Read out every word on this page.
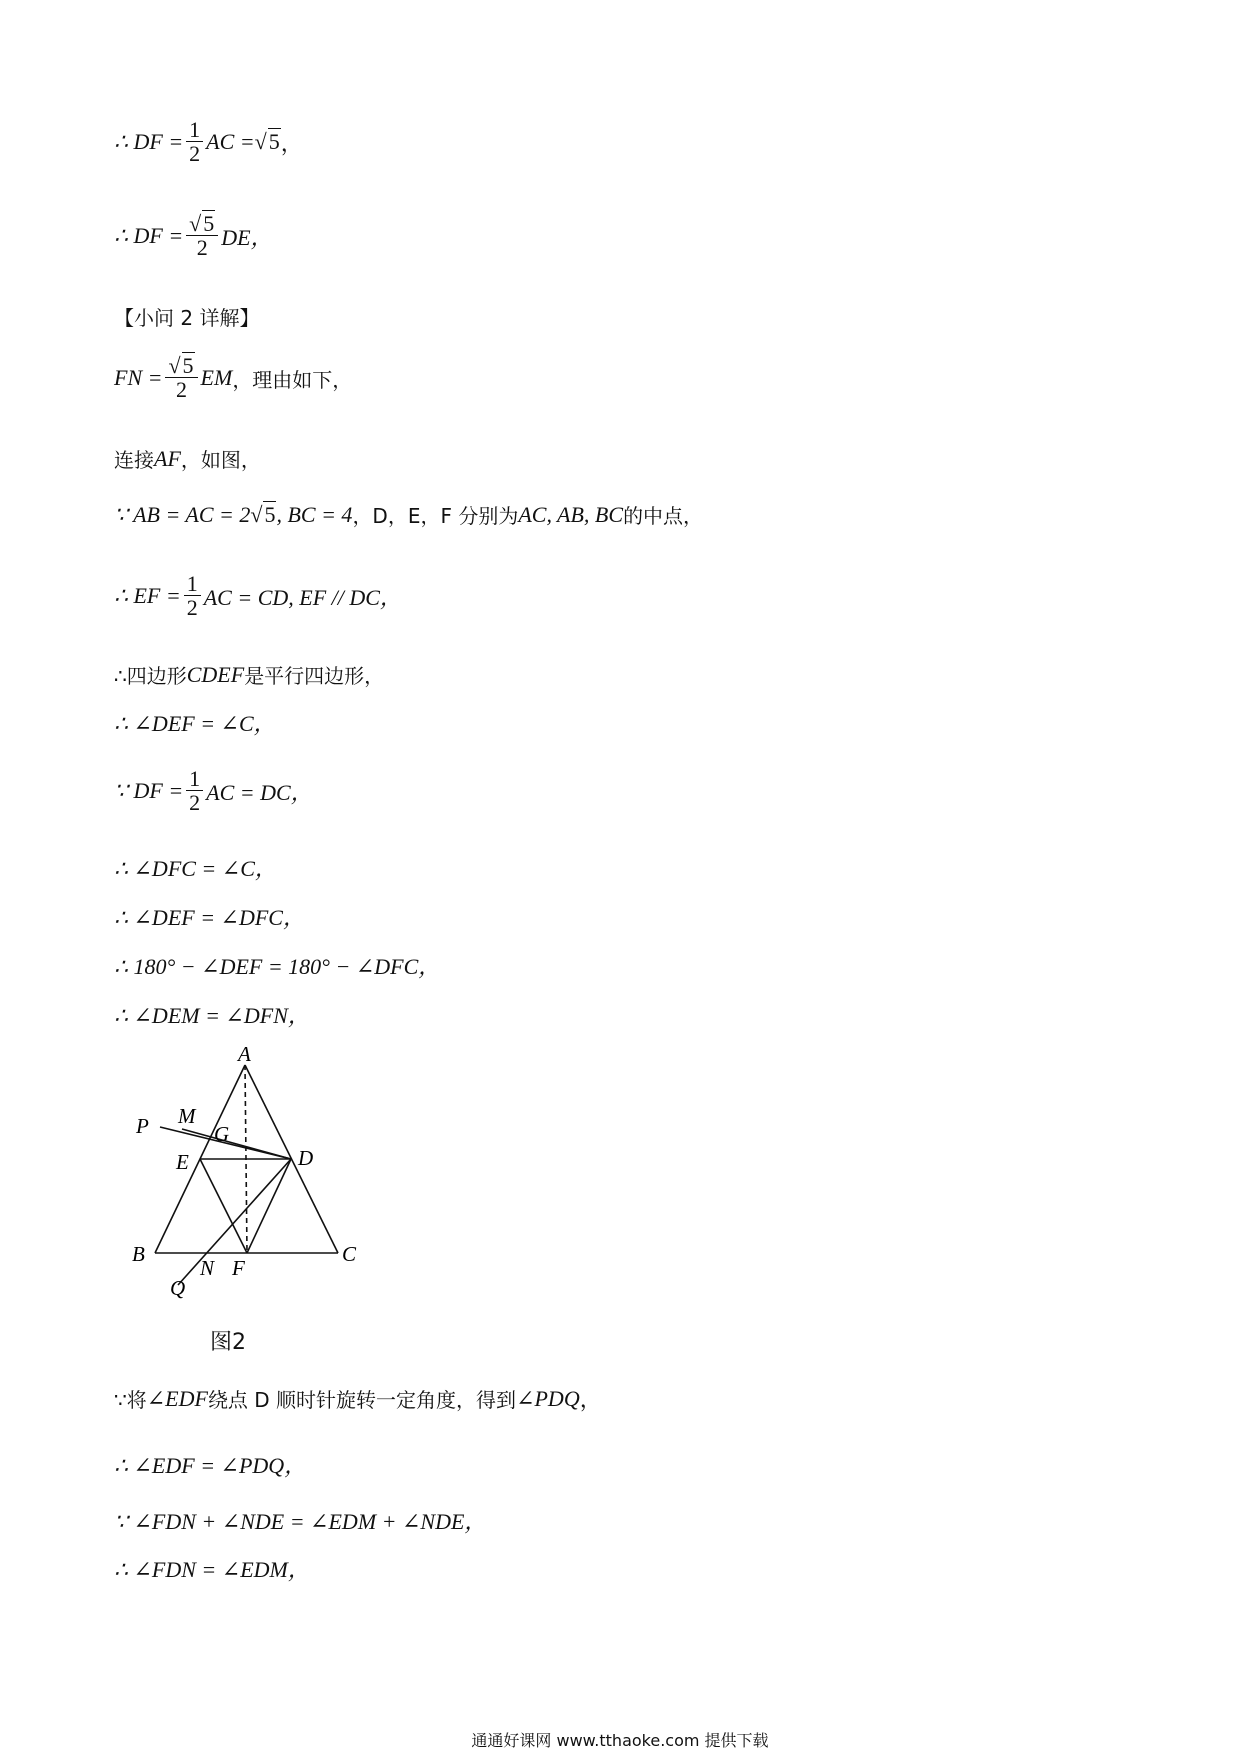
∴ DF = $\frac{1}{2}$ AC = √5 ，
∴ DF = $\frac{√5}{2}$ DE，
【小问 2 详解】
FN = $\frac{√5}{2}$ EM ，理由如下，
连接 AF ，如图，
∵ AB = AC = 2 √5 , BC = 4 ，D，E，F 分别为 AC, AB, BC 的中点，
∴ EF = $\frac{1}{2}$ AC = CD, EF // DC，
∴四边形 CDEF 是平行四边形，
∴ ∠DEF = ∠C，
∵ DF = $\frac{1}{2}$ AC = DC，
∴ ∠DFC = ∠C，
∴ ∠DEF = ∠DFC，
∴ 180° − ∠DEF = 180° − ∠DFC，
∴ ∠DEM = ∠DFN，
A
M
P	G
E	D
B	C
N F
Q
图2
∵将 ∠EDF 绕点 D 顺时针旋转一定角度，得到 ∠PDQ ，
∴ ∠EDF = ∠PDQ，
∵ ∠FDN + ∠NDE = ∠EDM + ∠NDE，
∴ ∠FDN = ∠EDM，
通通好课网 www.tthaoke.com 提供下载
